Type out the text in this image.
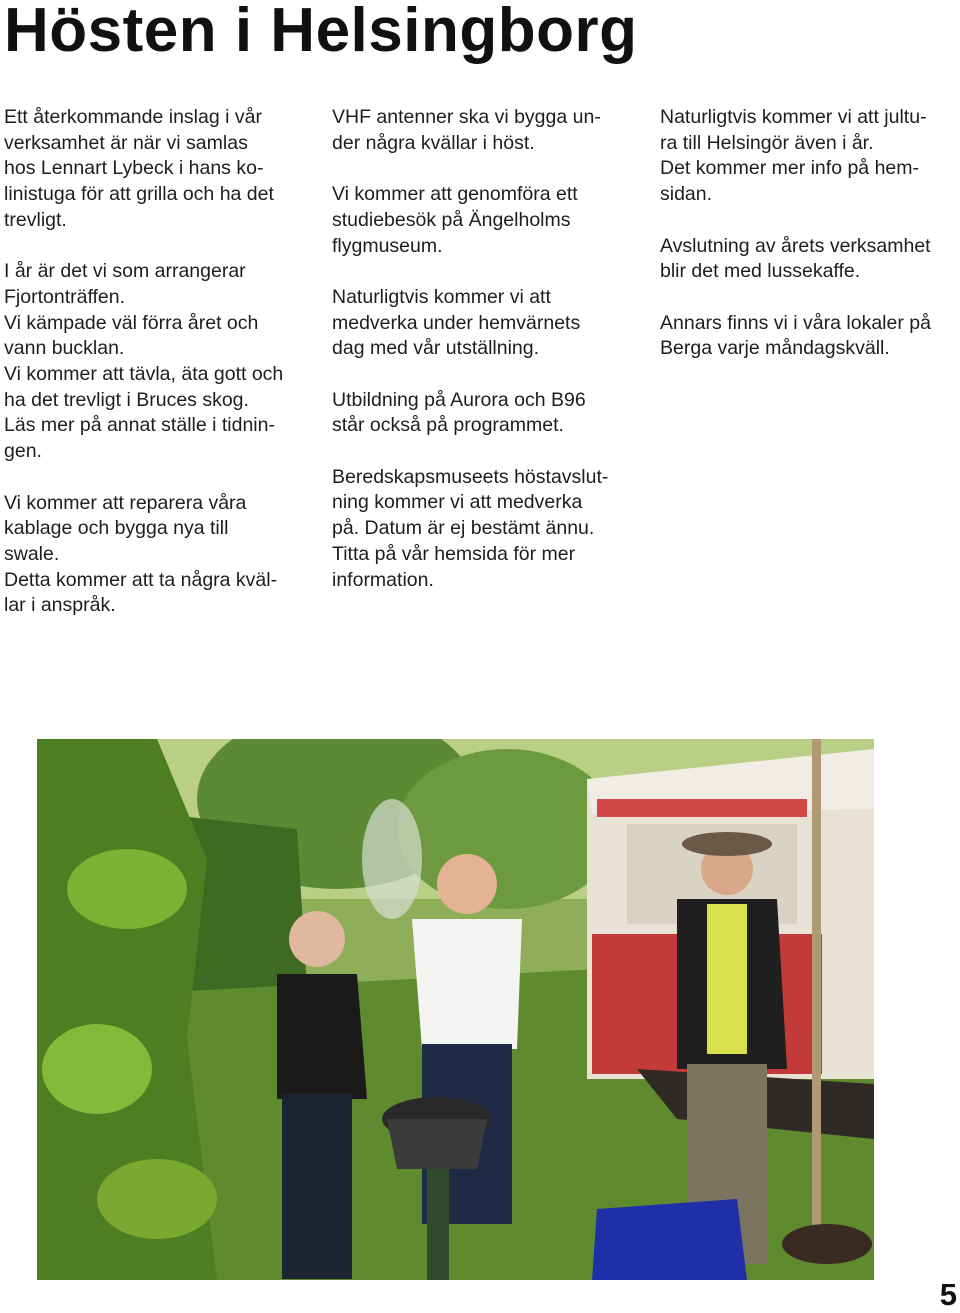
Hösten i Helsingborg

Ett återkommande inslag i vår
verksamhet är när vi samlas
hos Lennart Lybeck i hans ko-
linistuga för att grilla och ha det
trevligt.

I år är det vi som arrangerar
Fjortonträffen.
Vi kämpade väl förra året och
vann bucklan.
Vi kommer att tävla, äta gott och
ha det trevligt i Bruces skog.
Läs mer på annat ställe i tidnin-
gen.

Vi kommer att reparera våra
kablage och bygga nya till
swale.
Detta kommer att ta några kväl-
lar i anspråk.

VHF antenner ska vi bygga un-
der några kvällar i höst.

Vi kommer att genomföra ett
studiebesök på Ängelholms
flygmuseum.

Naturligtvis kommer vi att
medverka under hemvärnets
dag med vår utställning.

Utbildning på Aurora och B96
står också på programmet.

Beredskapsmuseets höstavslut-
ning kommer vi att medverka
på. Datum är ej bestämt ännu.
Titta på vår hemsida för mer
information.

Naturligtvis kommer vi att jultu-
ra till Helsingör även i år.
Det kommer mer info på hem-
sidan.

Avslutning av årets verksamhet
blir det med lussekaffe.

Annars finns vi i våra lokaler på
Berga varje måndagskväll.

5
